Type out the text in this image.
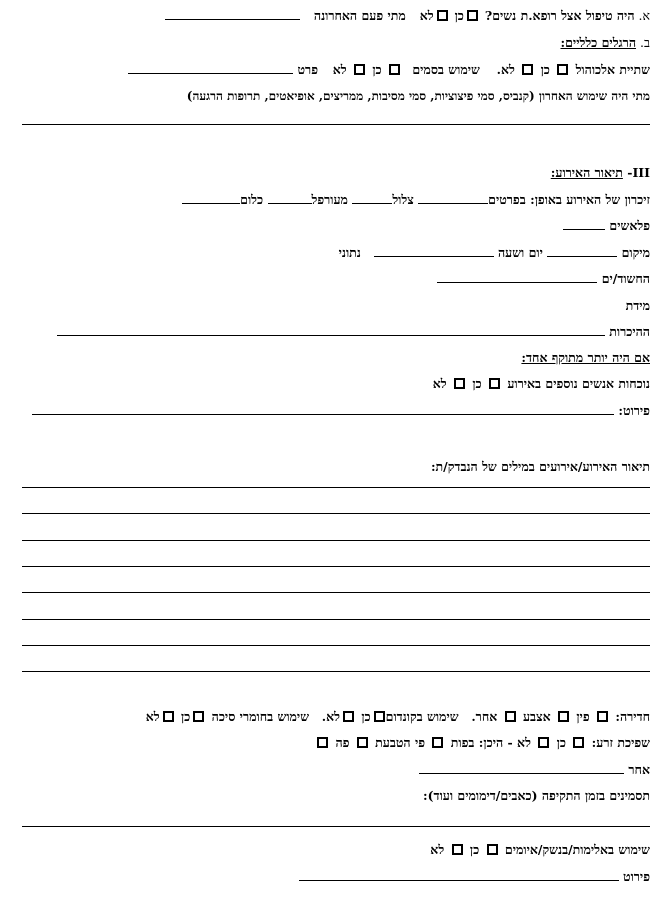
א. היה טיפול אצל רופא.ת נשים? כן לא  מתי פעם האחרונה
ב. הרגלים כלליים:
שתיית אלכוהול  כן  לא.  שימוש בסמים  כן  לא  פרט
מתי היה שימוש האחרון (קנביס, סמי פיצוציות, סמי מסיבות, ממריצים, אופיאטים, תרופות הרגעה)
III- תיאור האירוע:
זיכרון של האירוע באופן: בפרטים צלול מעורפל כלום
פלאשים
מיקום  יום ושעה   נתוני
החשוד/ים
מידת
ההיכרות
אם היה יותר מתוקף אחד:
נוכחות אנשים נוספים באירוע  כן  לא
פירוט:
תיאור האירוע/אירועים במילים של הנבדק/ת:
חדירה:  פין  אצבע  אחר.  שימוש בקונדוםכן לא.  שימוש בחומרי סיכה כן לא
שפיכת זרע:  כן  לא - היכן: בפות  פי הטבעת  פה
אחר
תסמינים בזמן התקיפה (כאבים/דימומים ועוד):
שימוש באלימות/בנשק/איומים  כן  לא
פירוט
